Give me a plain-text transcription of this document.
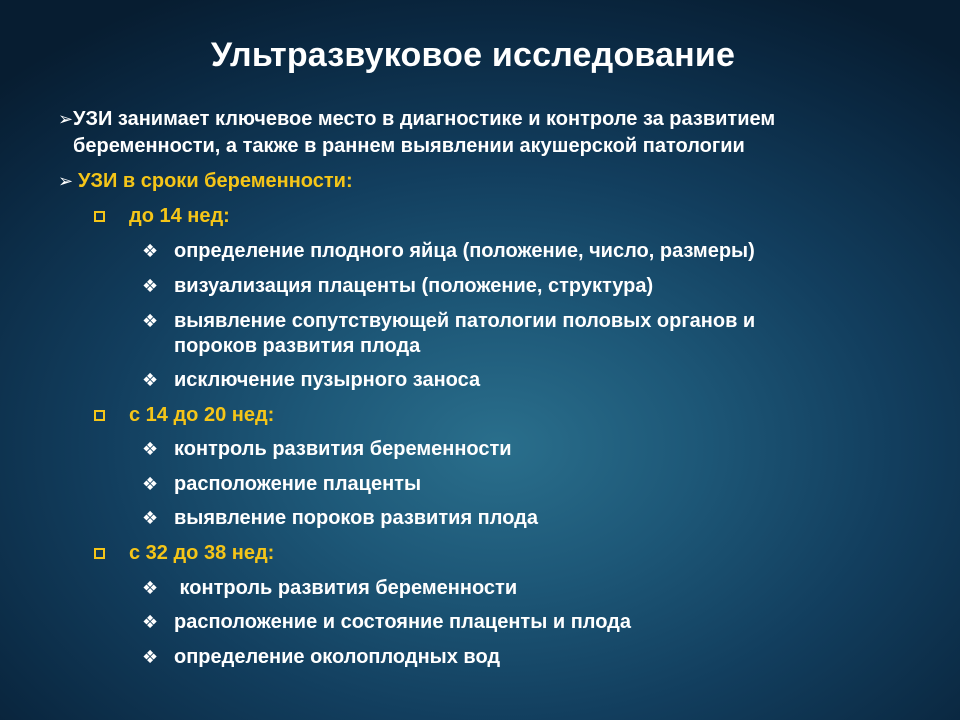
Ультразвуковое исследование
➢ УЗИ занимает ключевое место в диагностике и контроле за развитием
беременности, а также в раннем выявлении акушерской патологии
➢ УЗИ в сроки беременности:
до 14 нед:
❖ определение плодного яйца (положение, число, размеры)
❖ визуализация плаценты (положение, структура)
❖ выявление сопутствующей патологии половых органов и
пороков развития плода
❖ исключение пузырного заноса
с 14 до 20 нед:
❖ контроль развития беременности
❖ расположение плаценты
❖ выявление пороков развития плода
с 32 до 38 нед:
❖ контроль развития беременности
❖ расположение и состояние плаценты и плода
❖ определение околоплодных вод
